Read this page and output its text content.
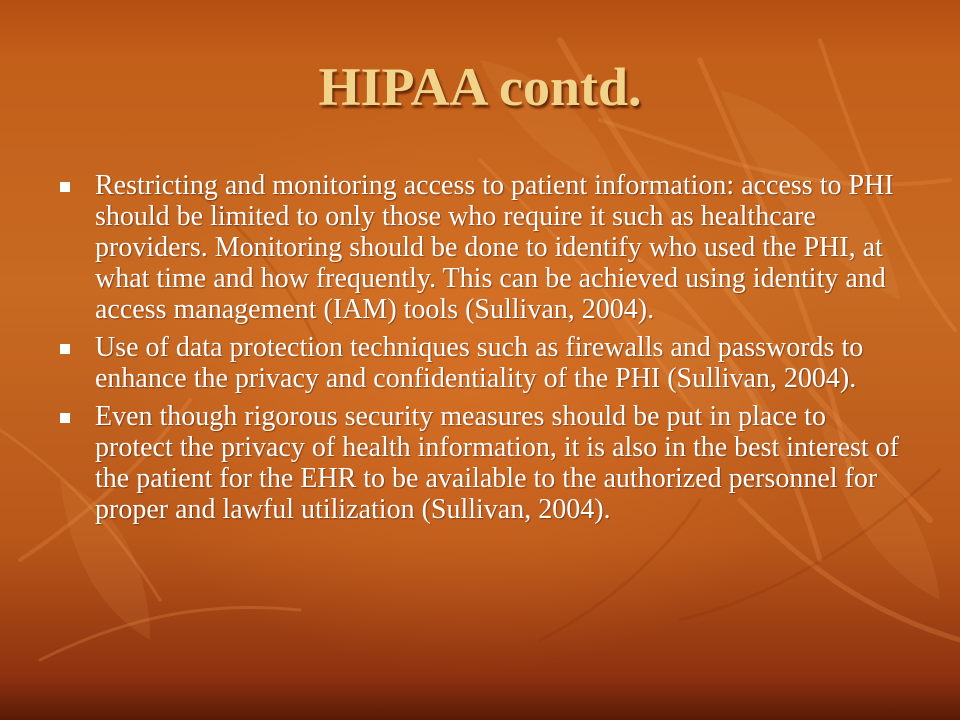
HIPAA contd.
Restricting and monitoring access to patient information: access to PHI should be limited to only those who require it such as healthcare providers. Monitoring should be done to identify who used the PHI, at what time and how frequently. This can be achieved using identity and access management (IAM) tools (Sullivan, 2004).
Use of data protection techniques such as firewalls and passwords to enhance the privacy and confidentiality of the PHI (Sullivan, 2004).
Even though rigorous security measures should be put in place to protect the privacy of health information, it is also in the best interest of the patient for the EHR to be available to the authorized personnel for proper and lawful utilization (Sullivan, 2004).
